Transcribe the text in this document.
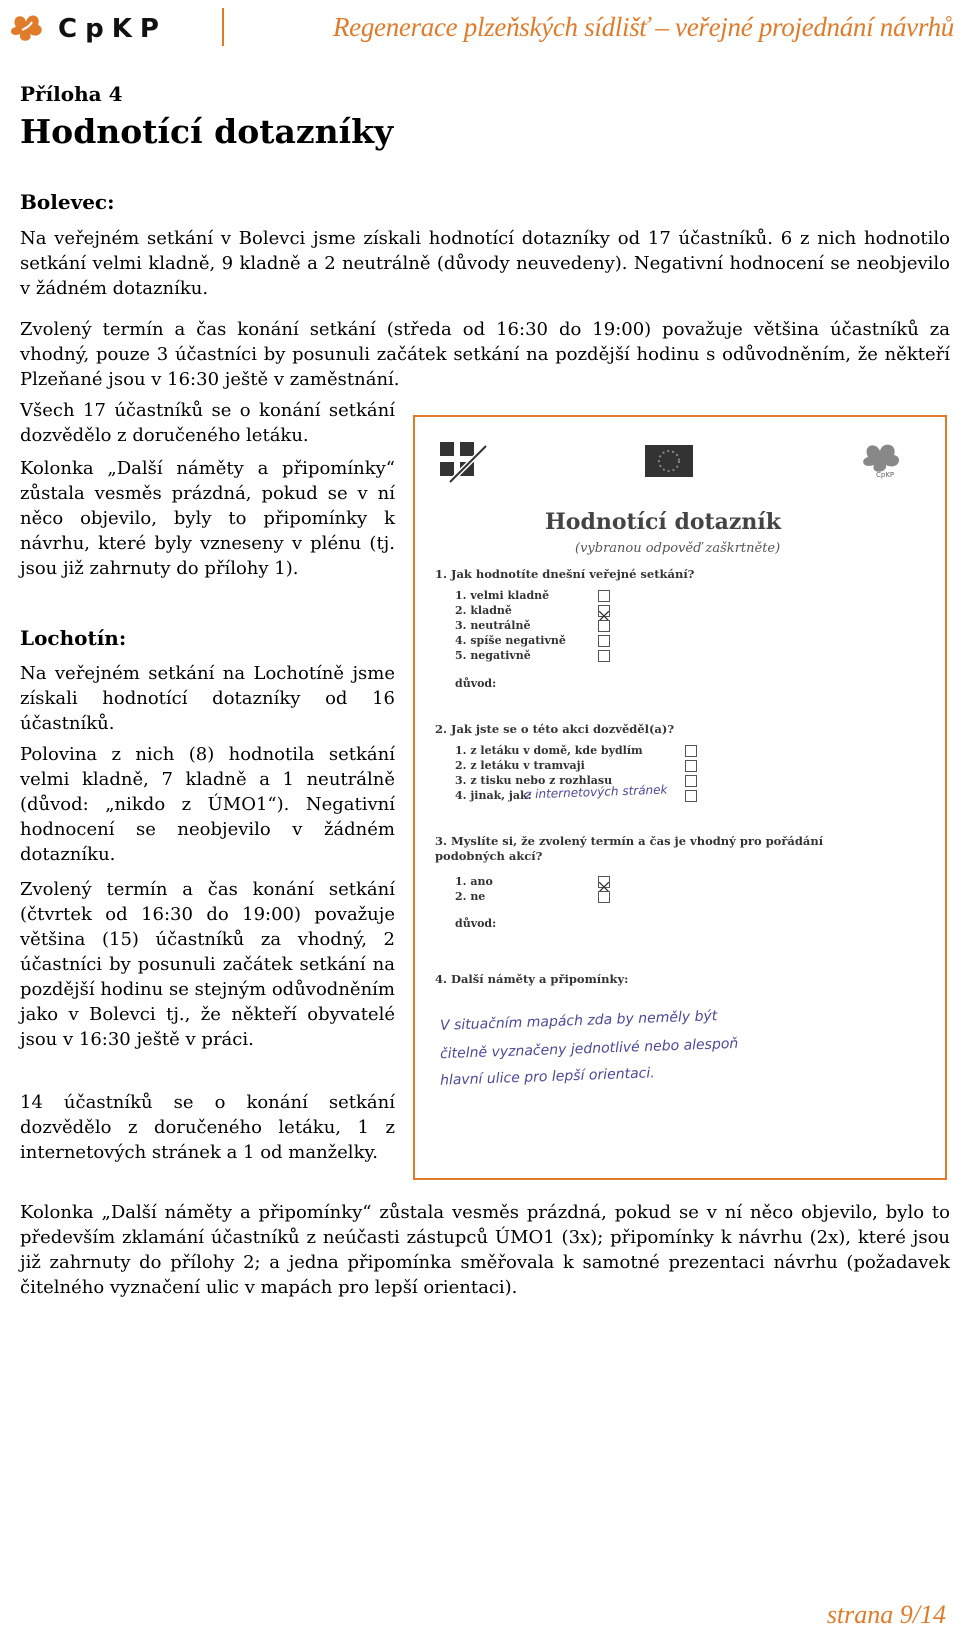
CpKP	Regenerace plzeňských sídlišť – veřejné projednání návrhů
Příloha 4
Hodnotící dotazníky
Bolevec:
Na veřejném setkání v Bolevci jsme získali hodnotící dotazníky od 17 účastníků. 6 z nich hodnotilo setkání velmi kladně, 9 kladně a 2 neutrálně (důvody neuvedeny). Negativní hodnocení se neobjevilo v žádném dotazníku.
Zvolený termín a čas konání setkání (středa od 16:30 do 19:00) považuje většina účastníků za vhodný, pouze 3 účastníci by posunuli začátek setkání na pozdější hodinu s odůvodněním, že někteří Plzeňané jsou v 16:30 ještě v zaměstnání.
Všech 17 účastníků se o konání setkání dozvědělo z doručeného letáku.
Kolonka „Další náměty a připomínky“ zůstala vesměs prázdná, pokud se v ní něco objevilo, byly to připomínky k návrhu, které byly vzneseny v plénu (tj. jsou již zahrnuty do přílohy 1).
Lochotín:
Na veřejném setkání na Lochotíně jsme získali hodnotící dotazníky od 16 účastníků.
Polovina z nich (8) hodnotila setkání velmi kladně, 7 kladně a 1 neutrálně (důvod: „nikdo z ÚMO1“). Negativní hodnocení se neobjevilo v žádném dotazníku.
Zvolený termín a čas konání setkání (čtvrtek od 16:30 do 19:00) považuje většina (15) účastníků za vhodný, 2 účastníci by posunuli začátek setkání na pozdější hodinu se stejným odůvodněním jako v Bolevci tj., že někteří obyvatelé jsou v 16:30 ještě v práci.
14 účastníků se o konání setkání dozvědělo z doručeného letáku, 1 z internetových stránek a 1 od manželky.
Kolonka „Další náměty a připomínky“ zůstala vesměs prázdná, pokud se v ní něco objevilo, bylo to především zklamání účastníků z neúčasti zástupců ÚMO1 (3x); připomínky k návrhu (2x), které jsou již zahrnuty do přílohy 2; a jedna připomínka směřovala k samotné prezentaci návrhu (požadavek čitelného vyznačení ulic v mapách pro lepší orientaci).
CpKP
Hodnotící dotazník
(vybranou odpověď zaškrtněte)
1. Jak hodnotíte dnešní veřejné setkání?
1. velmi kladně
2. kladně
3. neutrálně
4. spíše negativně
5. negativně
důvod:
2. Jak jste se o této akci dozvěděl(a)?
1. z letáku v domě, kde bydlím
2. z letáku v tramvaji
3. z tisku nebo z rozhlasu
4. jinak, jak:
z internetových stránek
3. Myslíte si, že zvolený termín a čas je vhodný pro pořádání podobných akcí?
1. ano
2. ne
důvod:
4. Další náměty a připomínky:
V situačním mapách zda by neměly být
čitelně vyznačeny jednotlivé nebo alespoň
hlavní ulice pro lepší orientaci.
strana 9/14
